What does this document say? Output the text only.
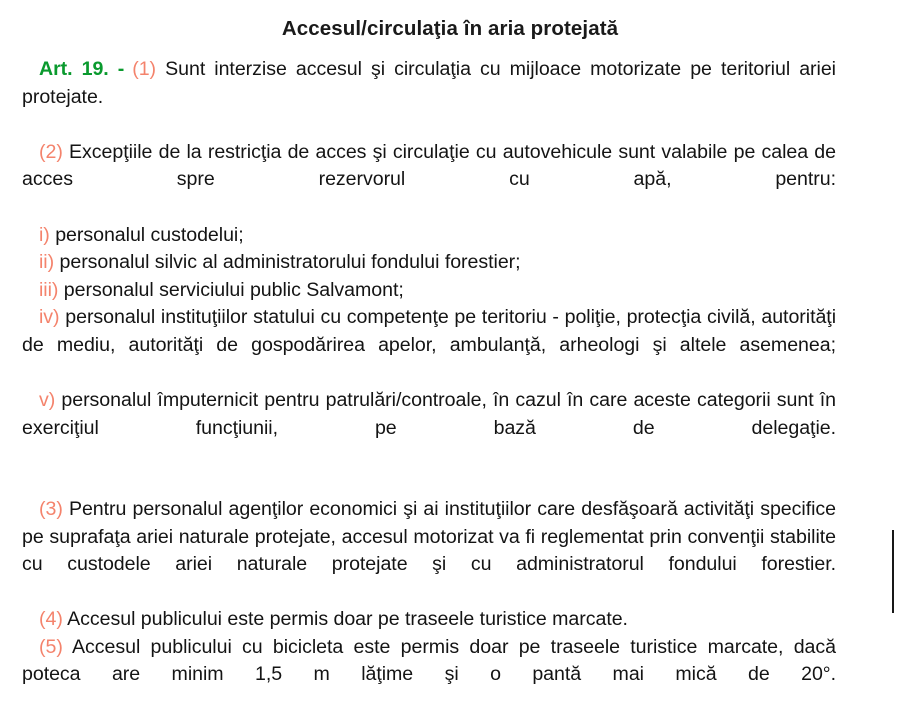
Accesul/circulaţia în aria protejată

Art. 19. - (1) Sunt interzise accesul şi circulaţia cu mijloace motorizate pe teritoriul ariei protejate.

(2) Excepţiile de la restricţia de acces şi circulaţie cu autovehicule sunt valabile pe calea de acces spre rezervorul cu apă, pentru:

i) personalul custodelui;

ii) personalul silvic al administratorului fondului forestier;

iii) personalul serviciului public Salvamont;

iv) personalul instituţiilor statului cu competenţe pe teritoriu - poliţie, protecţia civilă, autorităţi de mediu, autorităţi de gospodărirea apelor, ambulanţă, arheologi şi altele asemenea;

v) personalul împuternicit pentru patrulări/controale, în cazul în care aceste categorii sunt în exerciţiul funcţiunii, pe bază de delegaţie.

(3) Pentru personalul agenţilor economici şi ai instituţiilor care desfăşoară activităţi specifice pe suprafaţa ariei naturale protejate, accesul motorizat va fi reglementat prin convenţii stabilite cu custodele ariei naturale protejate şi cu administratorul fondului forestier.

(4) Accesul publicului este permis doar pe traseele turistice marcate.

(5) Accesul publicului cu bicicleta este permis doar pe traseele turistice marcate, dacă poteca are minim 1,5 m lăţime şi o pantă mai mică de 20°.
